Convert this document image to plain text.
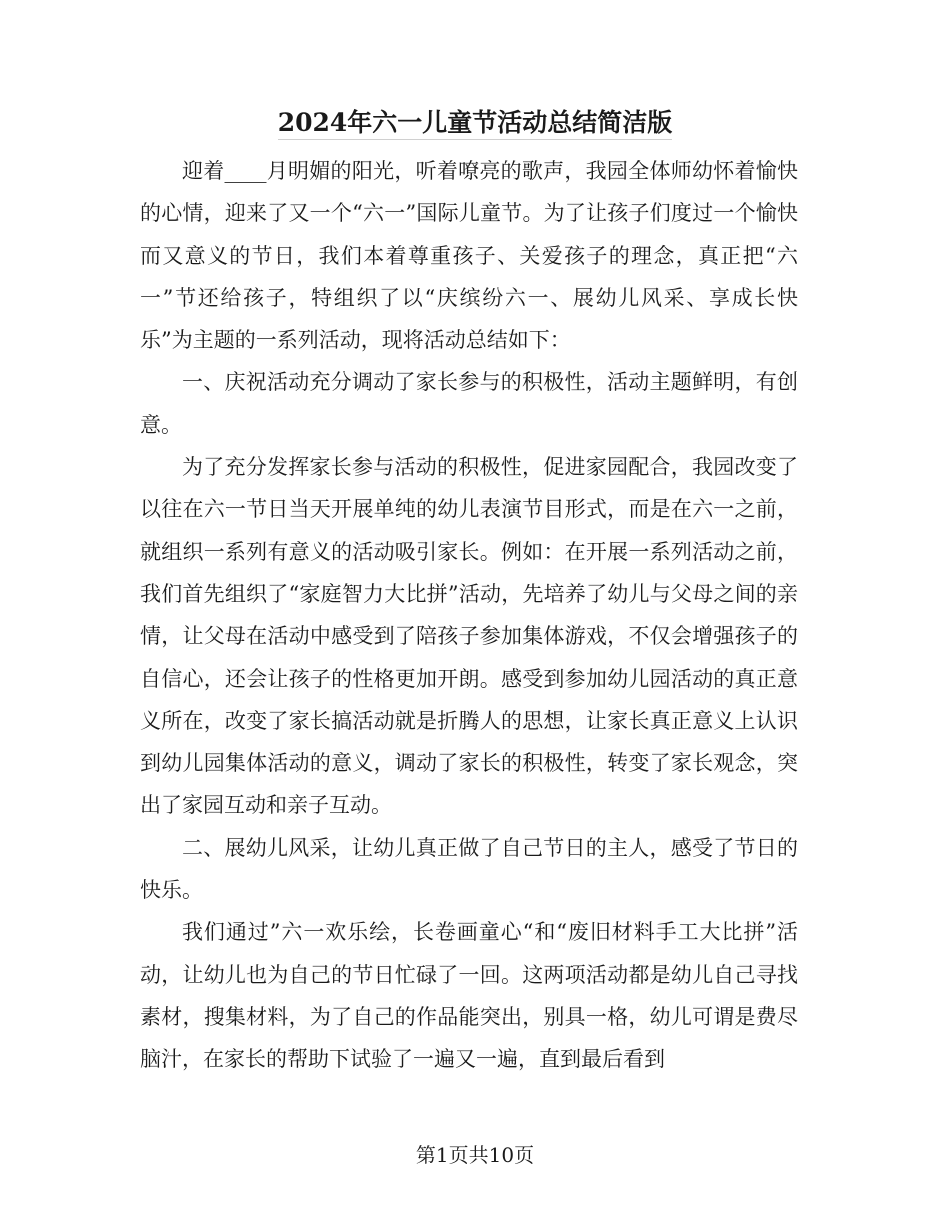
2024年六一儿童节活动总结简洁版

迎着____月明媚的阳光，听着嘹亮的歌声，我园全体师幼怀着愉快的心情，迎来了又一个“六一”国际儿童节。为了让孩子们度过一个愉快而又意义的节日，我们本着尊重孩子、关爱孩子的理念，真正把“六一”节还给孩子，特组织了以“庆缤纷六一、展幼儿风采、享成长快乐”为主题的一系列活动，现将活动总结如下：

一、庆祝活动充分调动了家长参与的积极性，活动主题鲜明，有创意。

为了充分发挥家长参与活动的积极性，促进家园配合，我园改变了以往在六一节日当天开展单纯的幼儿表演节目形式，而是在六一之前，就组织一系列有意义的活动吸引家长。例如：在开展一系列活动之前，我们首先组织了“家庭智力大比拼”活动，先培养了幼儿与父母之间的亲情，让父母在活动中感受到了陪孩子参加集体游戏，不仅会增强孩子的自信心，还会让孩子的性格更加开朗。感受到参加幼儿园活动的真正意义所在，改变了家长搞活动就是折腾人的思想，让家长真正意义上认识到幼儿园集体活动的意义，调动了家长的积极性，转变了家长观念，突出了家园互动和亲子互动。

二、展幼儿风采，让幼儿真正做了自己节日的主人，感受了节日的快乐。

我们通过”六一欢乐绘，长卷画童心“和“废旧材料手工大比拼”活动，让幼儿也为自己的节日忙碌了一回。这两项活动都是幼儿自己寻找素材，搜集材料，为了自己的作品能突出，别具一格，幼儿可谓是费尽脑汁，在家长的帮助下试验了一遍又一遍，直到最后看到

第1页共10页
